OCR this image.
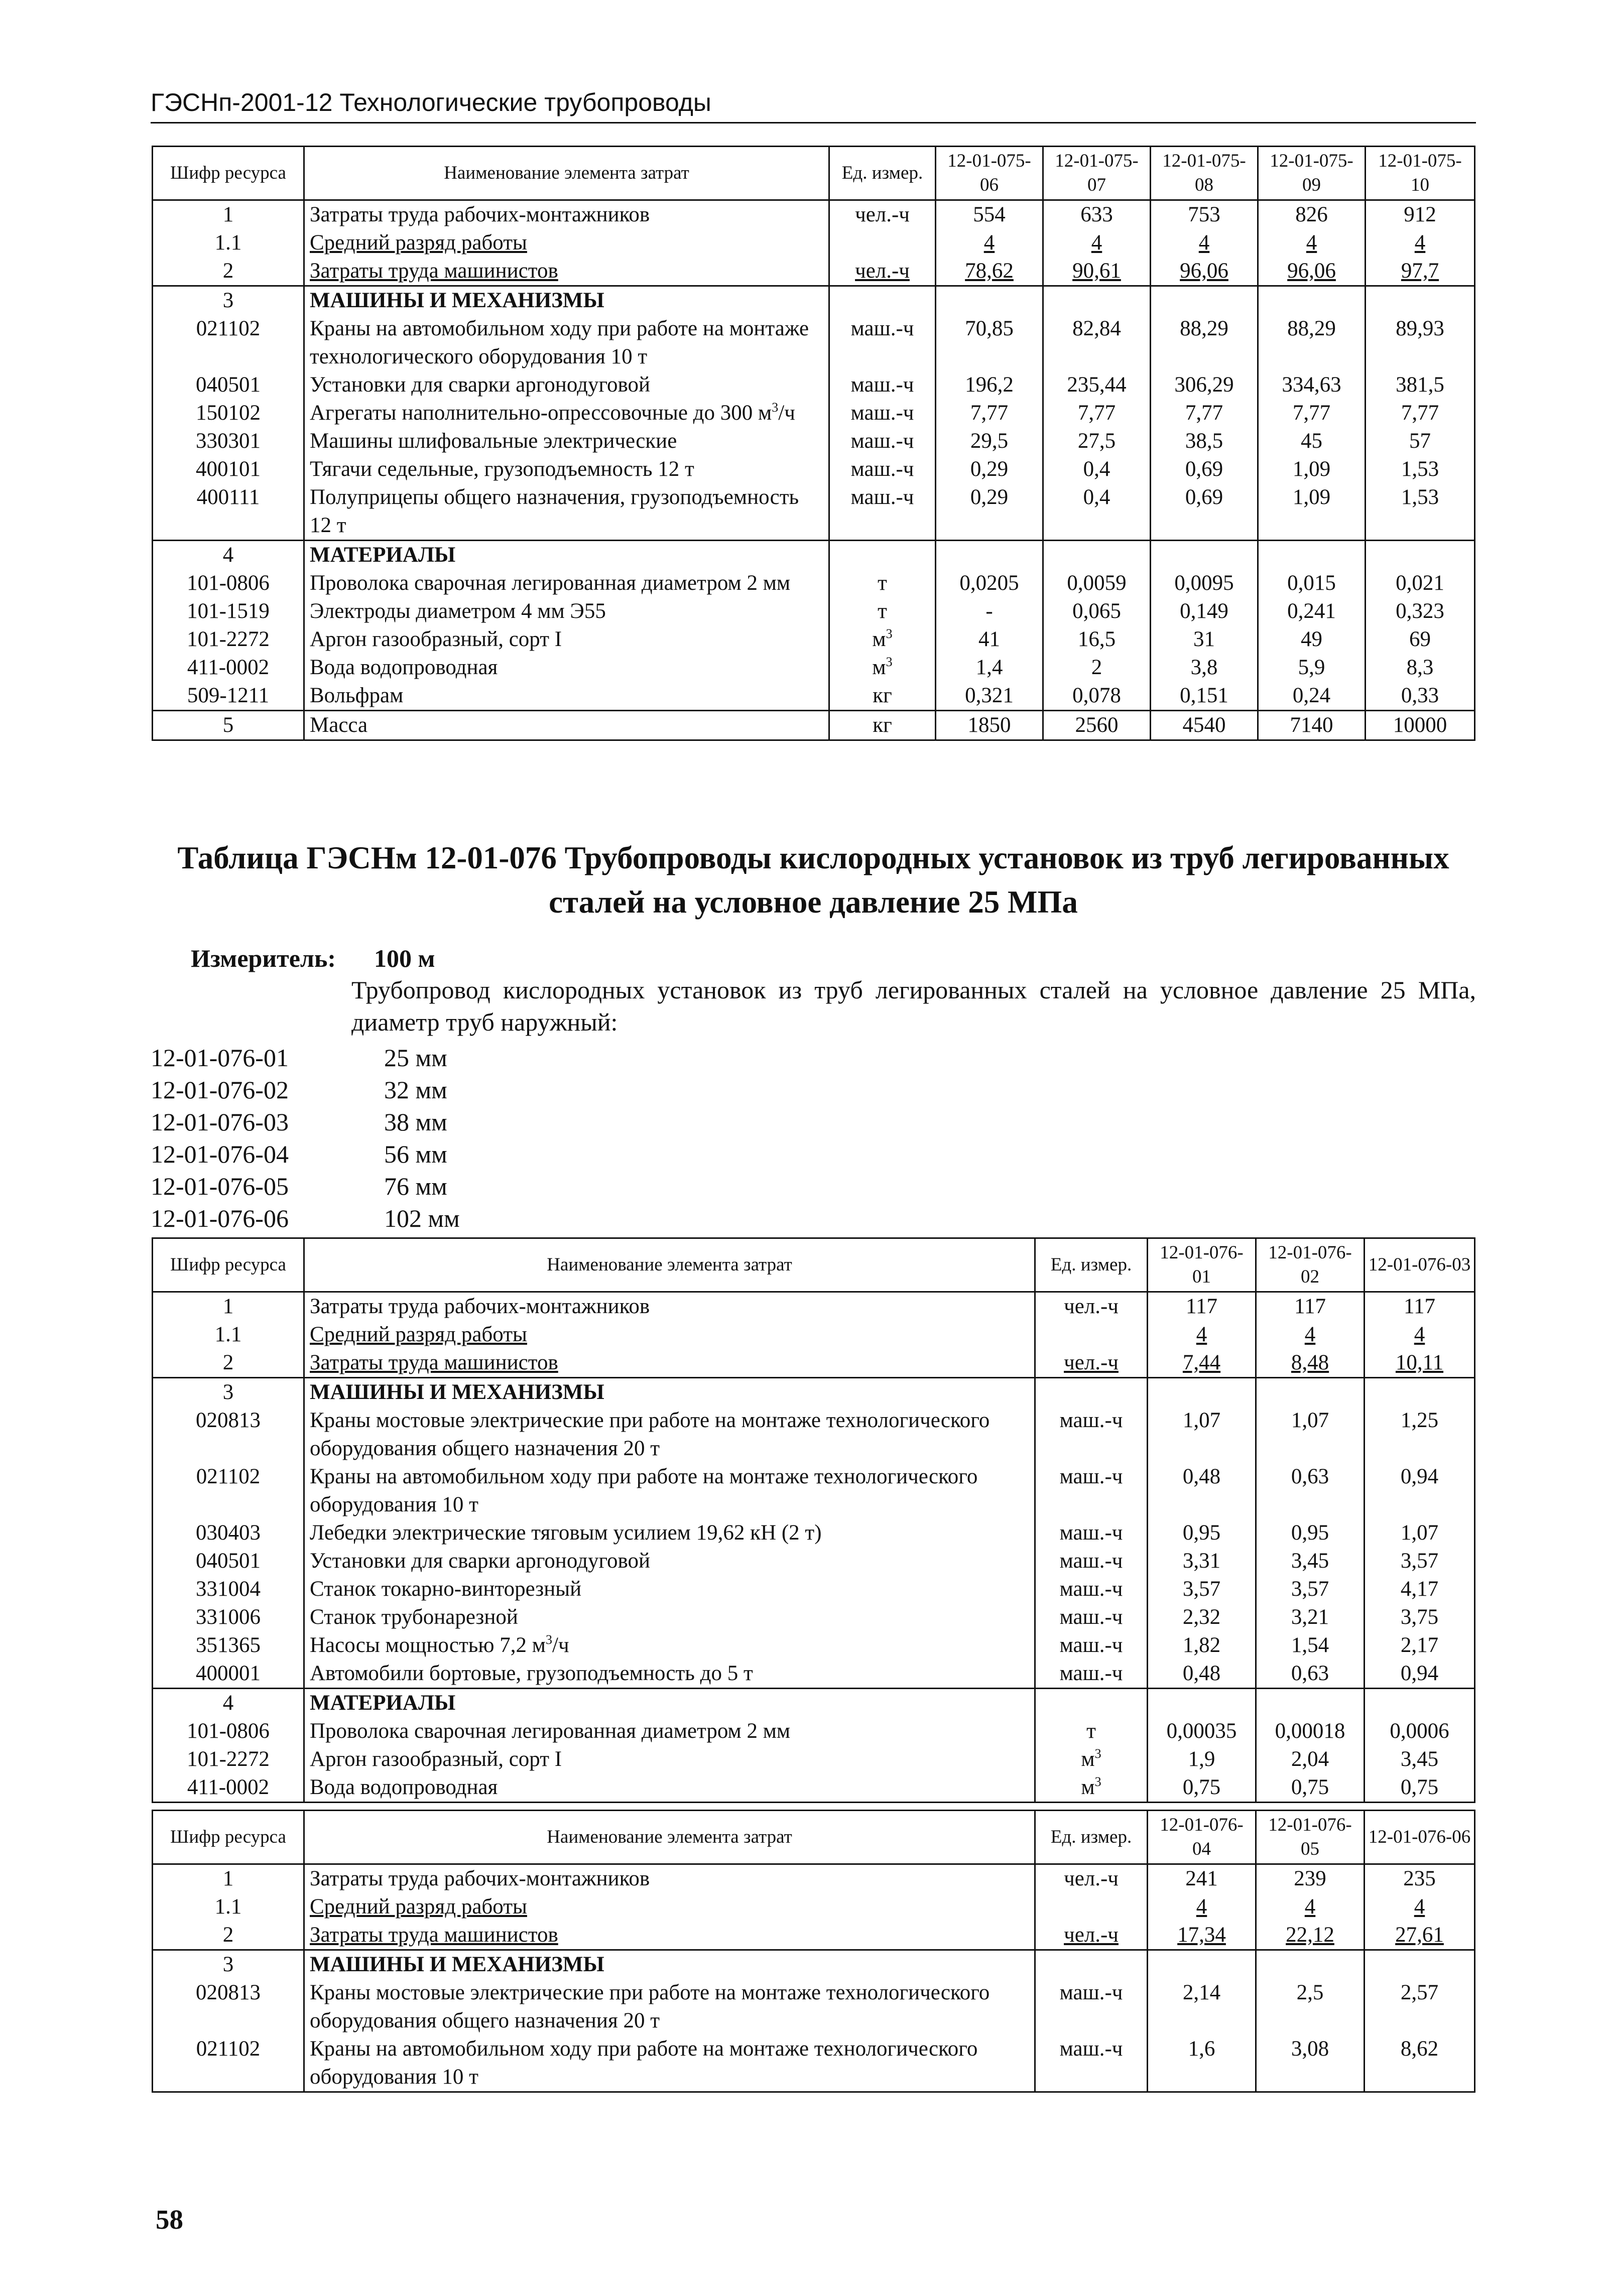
ГЭСНп-2001-12 Технологические трубопроводы
Шифр ресурса	Наименование элемента затрат	Ед. измер.	12-01-075-06	12-01-075-07	12-01-075-08	12-01-075-09	12-01-075-10
1	Затраты труда рабочих-монтажников	чел.-ч	554	633	753	826	912
1.1	Средний разряд работы		4	4	4	4	4
2	Затраты труда машинистов	чел.-ч	78,62	90,61	96,06	96,06	97,7
3	МАШИНЫ И МЕХАНИЗМЫ						
021102	Краны на автомобильном ходу при работе на монтаже технологического оборудования 10 т	маш.-ч	70,85	82,84	88,29	88,29	89,93
040501	Установки для сварки аргонодуговой	маш.-ч	196,2	235,44	306,29	334,63	381,5
150102	Агрегаты наполнительно-опрессовочные до 300 $м^3/ч$	маш.-ч	7,77	7,77	7,77	7,77	7,77
330301	Машины шлифовальные электрические	маш.-ч	29,5	27,5	38,5	45	57
400101	Тягачи седельные, грузоподъемность 12 т	маш.-ч	0,29	0,4	0,69	1,09	1,53
400111	Полуприцепы общего назначения, грузоподъемность 12 т	маш.-ч	0,29	0,4	0,69	1,09	1,53
4	МАТЕРИАЛЫ						
101-0806	Проволока сварочная легированная диаметром 2 мм	т	0,0205	0,0059	0,0095	0,015	0,021
101-1519	Электроды диаметром 4 мм Э55	т	-	0,065	0,149	0,241	0,323
101-2272	Аргон газообразный, сорт I	$м^3$	41	16,5	31	49	69
411-0002	Вода водопроводная	$м^3$	1,4	2	3,8	5,9	8,3
509-1211	Вольфрам	кг	0,321	0,078	0,151	0,24	0,33
5	Масса	кг	1850	2560	4540	7140	10000
Таблица ГЭСНм 12-01-076 Трубопроводы кислородных установок из труб легированных сталей на условное давление 25 МПа
Измеритель: 100 м
Трубопровод кислородных установок из труб легированных сталей на условное давление 25 МПа, диаметр труб наружный:
12-01-076-01	25 мм
12-01-076-02	32 мм
12-01-076-03	38 мм
12-01-076-04	56 мм
12-01-076-05	76 мм
12-01-076-06	102 мм
Шифр ресурса	Наименование элемента затрат	Ед. измер.	12-01-076-01	12-01-076-02	12-01-076-03
1	Затраты труда рабочих-монтажников	чел.-ч	117	117	117
1.1	Средний разряд работы		4	4	4
2	Затраты труда машинистов	чел.-ч	7,44	8,48	10,11
3	МАШИНЫ И МЕХАНИЗМЫ				
020813	Краны мостовые электрические при работе на монтаже технологического оборудования общего назначения 20 т	маш.-ч	1,07	1,07	1,25
021102	Краны на автомобильном ходу при работе на монтаже технологического оборудования 10 т	маш.-ч	0,48	0,63	0,94
030403	Лебедки электрические тяговым усилием 19,62 кН (2 т)	маш.-ч	0,95	0,95	1,07
040501	Установки для сварки аргонодуговой	маш.-ч	3,31	3,45	3,57
331004	Станок токарно-винторезный	маш.-ч	3,57	3,57	4,17
331006	Станок трубонарезной	маш.-ч	2,32	3,21	3,75
351365	Насосы мощностью 7,2 $м^3/ч$	маш.-ч	1,82	1,54	2,17
400001	Автомобили бортовые, грузоподъемность до 5 т	маш.-ч	0,48	0,63	0,94
4	МАТЕРИАЛЫ				
101-0806	Проволока сварочная легированная диаметром 2 мм	т	0,00035	0,00018	0,0006
101-2272	Аргон газообразный, сорт I	$м^3$	1,9	2,04	3,45
411-0002	Вода водопроводная	$м^3$	0,75	0,75	0,75
Шифр ресурса	Наименование элемента затрат	Ед. измер.	12-01-076-04	12-01-076-05	12-01-076-06
1	Затраты труда рабочих-монтажников	чел.-ч	241	239	235
1.1	Средний разряд работы		4	4	4
2	Затраты труда машинистов	чел.-ч	17,34	22,12	27,61
3	МАШИНЫ И МЕХАНИЗМЫ				
020813	Краны мостовые электрические при работе на монтаже технологического оборудования общего назначения 20 т	маш.-ч	2,14	2,5	2,57
021102	Краны на автомобильном ходу при работе на монтаже технологического оборудования 10 т	маш.-ч	1,6	3,08	8,62
58
